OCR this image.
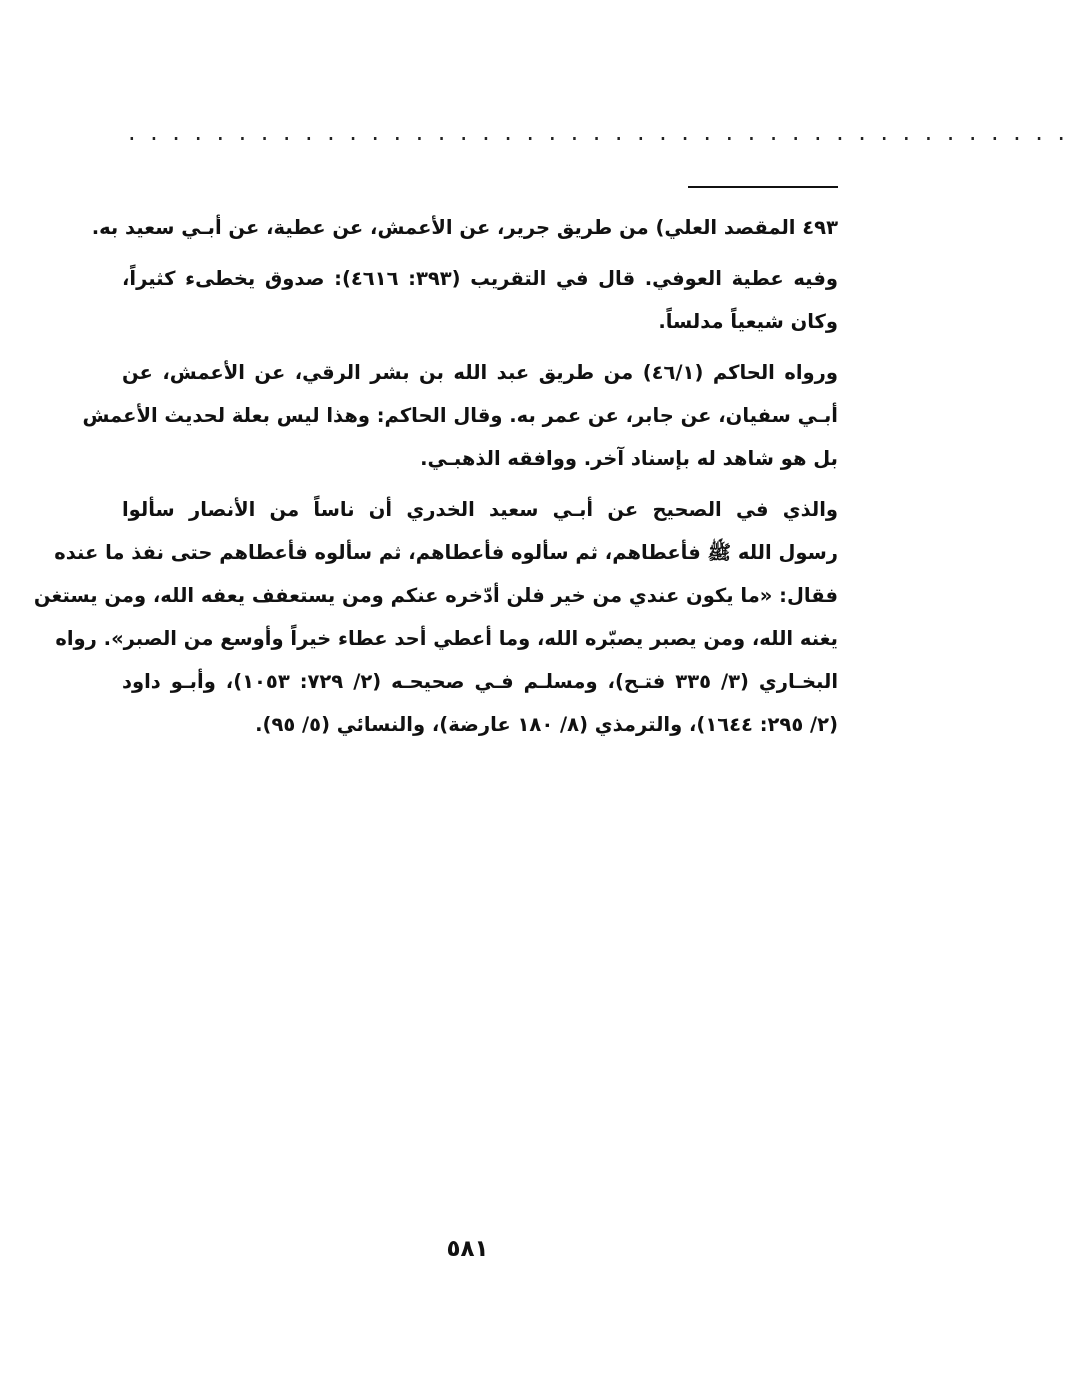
...........................................
٤٩٣ المقصد العلي) من طريق جرير، عن الأعمش، عن عطية، عن أبـي سعيد به.
وفيه عطية العوفي. قال في التقريب (٣٩٣: ٤٦١٦): صدوق يخطىء كثيراً،
وكان شيعياً مدلساً.
ورواه الحاكم (٤٦/١) من طريق عبد الله بن بشر الرقي، عن الأعمش، عن
أبـي سفيان، عن جابر، عن عمر به. وقال الحاكم: وهذا ليس بعلة لحديث الأعمش
بل هو شاهد له بإسناد آخر. ووافقه الذهبـي.
والذي في الصحيح عن أبـي سعيد الخدري أن ناساً من الأنصار سألوا
رسول الله ﷺ فأعطاهم، ثم سألوه فأعطاهم، ثم سألوه فأعطاهم حتى نفذ ما عنده
فقال: «ما يكون عندي من خير فلن أدّخره عنكم ومن يستعفف يعفه الله، ومن يستغن
يغنه الله، ومن يصبر يصبّره الله، وما أعطي أحد عطاء خيراً وأوسع من الصبر». رواه
البخـاري (٣/ ٣٣٥ فتـح)، ومسلـم فـي صحيحـه (٢/ ٧٢٩: ١٠٥٣)، وأبـو داود
(٢/ ٢٩٥: ١٦٤٤)، والترمذي (٨/ ١٨٠ عارضة)، والنسائي (٥/ ٩٥).
٥٨١
